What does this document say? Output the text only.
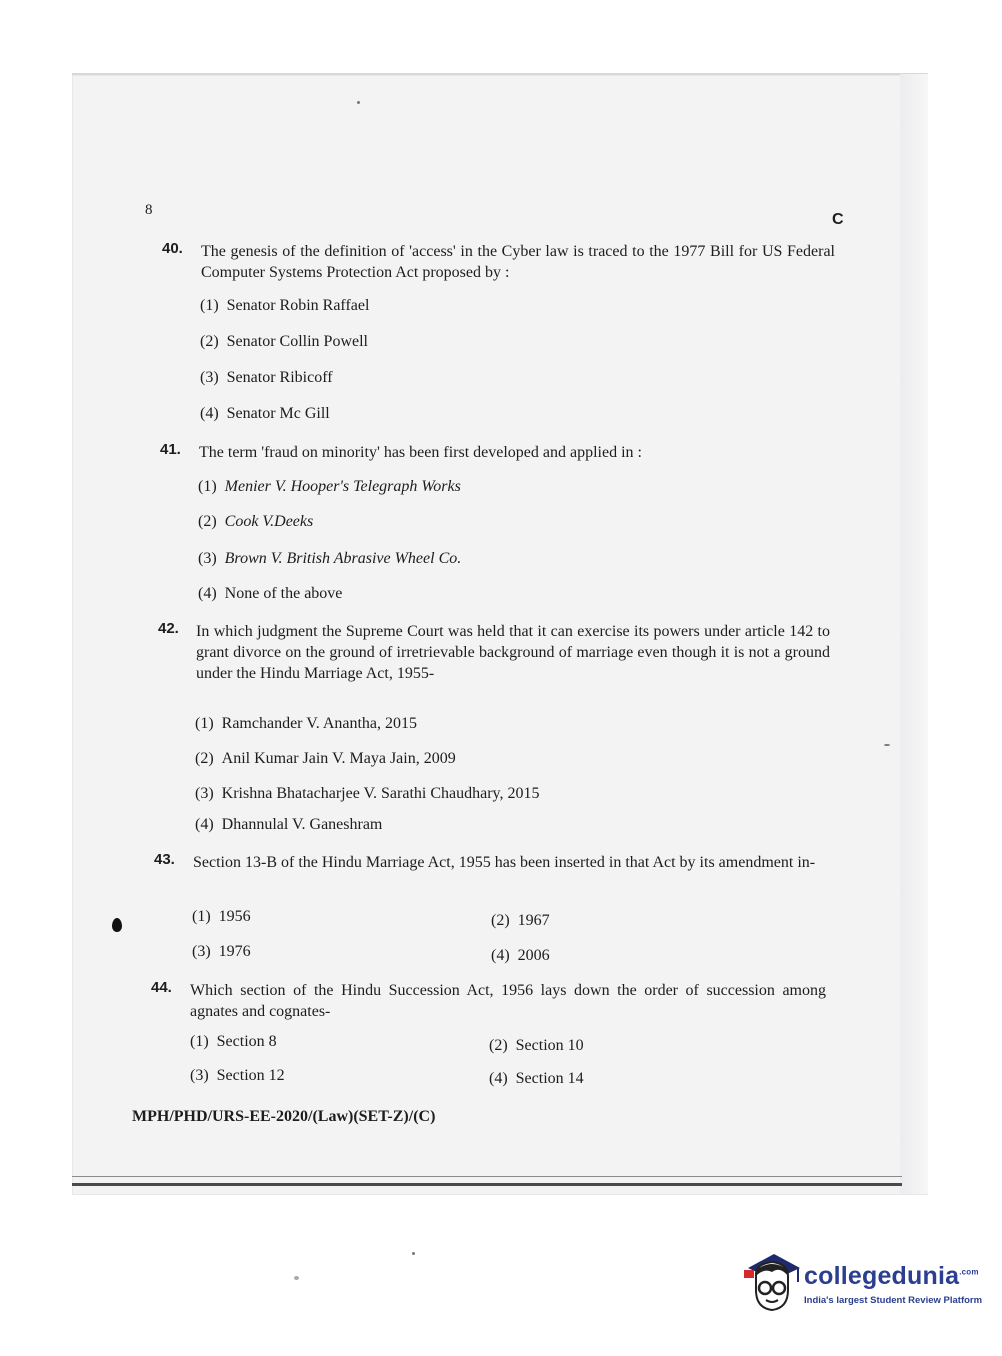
8
C
40. The genesis of the definition of 'access' in the Cyber law is traced to the 1977 Bill for US Federal Computer Systems Protection Act proposed by :
(1) Senator Robin Raffael
(2) Senator Collin Powell
(3) Senator Ribicoff
(4) Senator Mc Gill
41. The term 'fraud on minority' has been first developed and applied in :
(1) Menier V. Hooper's Telegraph Works
(2) Cook V.Deeks
(3) Brown V. British Abrasive Wheel Co.
(4) None of the above
42. In which judgment the Supreme Court was held that it can exercise its powers under article 142 to grant divorce on the ground of irretrievable background of marriage even though it is not a ground under the Hindu Marriage Act, 1955-
(1) Ramchander V. Anantha, 2015
(2) Anil Kumar Jain V. Maya Jain, 2009
(3) Krishna Bhatacharjee V. Sarathi Chaudhary, 2015
(4) Dhannulal V. Ganeshram
43. Section 13-B of the Hindu Marriage Act, 1955 has been inserted in that Act by its amendment in-
(1) 1956	(2) 1967
(3) 1976	(4) 2006
44. Which section of the Hindu Succession Act, 1956 lays down the order of succession among agnates and cognates-
(1) Section 8	(2) Section 10
(3) Section 12	(4) Section 14
MPH/PHD/URS-EE-2020/(Law)(SET-Z)/(C)
collegedunia$^{.com}$
India's largest Student Review Platform
